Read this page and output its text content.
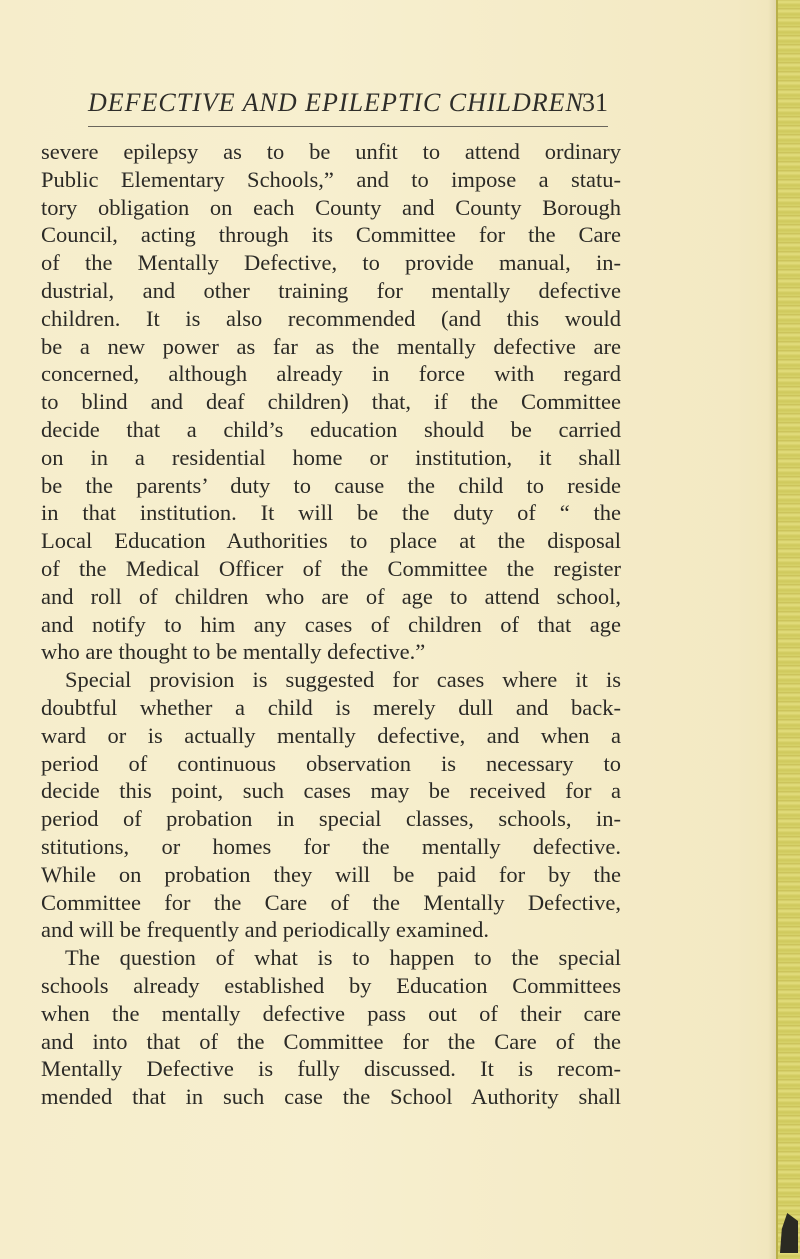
DEFECTIVE AND EPILEPTIC CHILDREN
31
severe epilepsy as to be unfit to attend ordinary
Public Elementary Schools,” and to impose a statu-
tory obligation on each County and County Borough
Council, acting through its Committee for the Care
of the Mentally Defective, to provide manual, in-
dustrial, and other training for mentally defective
children. It is also recommended (and this would
be a new power as far as the mentally defective are
concerned, although already in force with regard
to blind and deaf children) that, if the Committee
decide that a child’s education should be carried
on in a residential home or institution, it shall
be the parents’ duty to cause the child to reside
in that institution. It will be the duty of “ the
Local Education Authorities to place at the disposal
of the Medical Officer of the Committee the register
and roll of children who are of age to attend school,
and notify to him any cases of children of that age
who are thought to be mentally defective.”
Special provision is suggested for cases where it is
doubtful whether a child is merely dull and back-
ward or is actually mentally defective, and when a
period of continuous observation is necessary to
decide this point, such cases may be received for a
period of probation in special classes, schools, in-
stitutions, or homes for the mentally defective.
While on probation they will be paid for by the
Committee for the Care of the Mentally Defective,
and will be frequently and periodically examined.
The question of what is to happen to the special
schools already established by Education Committees
when the mentally defective pass out of their care
and into that of the Committee for the Care of the
Mentally Defective is fully discussed. It is recom-
mended that in such case the School Authority shall
